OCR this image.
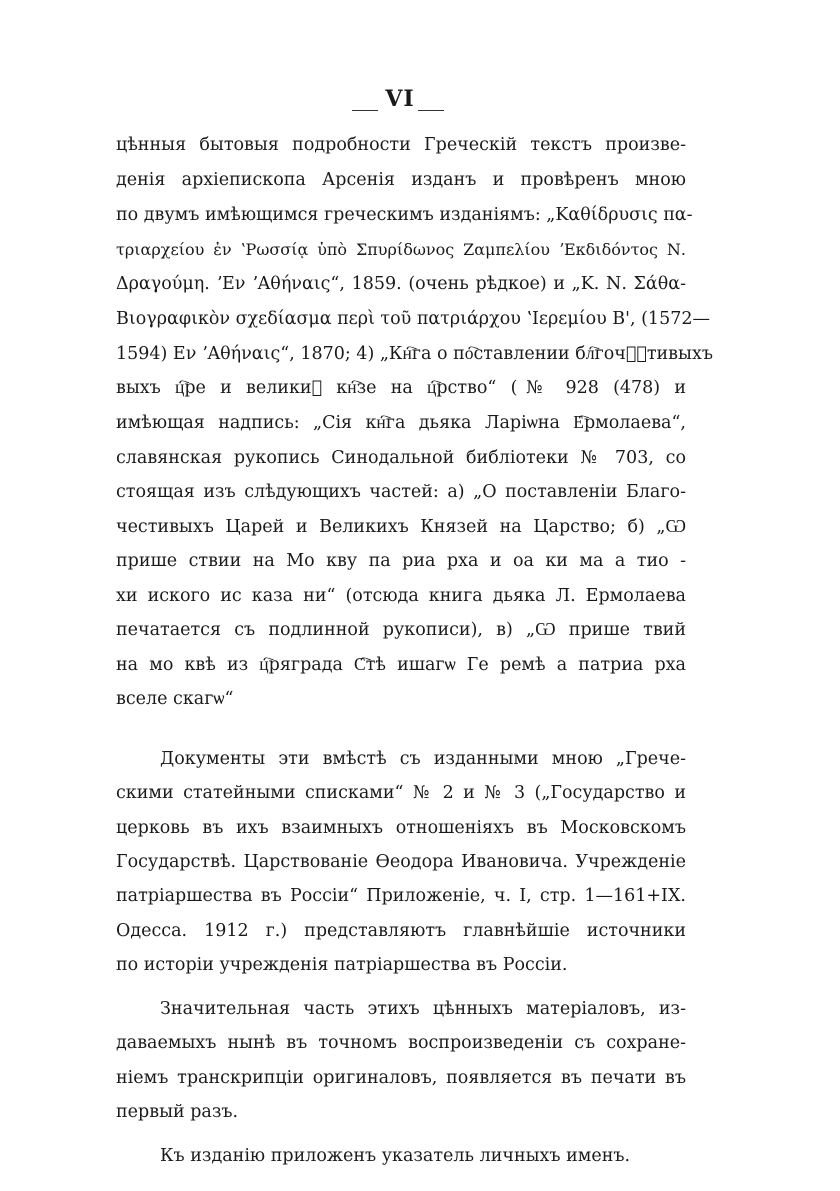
VI
цѣнныя бытовыя подробности Греческій текстъ произве-
денія архіепископа Арсенія изданъ и провѣренъ мною
по двумъ имѣющимся греческимъ изданіямъ: „Καθίδρυσις πα-
τριαρχείου ἐν ʽΡωσσίᾳ ὑπὸ Σπυρίδωνος Ζαμπελίου ʼΕκδιδόντος Ν.
Δραγούμη. ʼΕν ʼΑθήναις“, 1859. (очень рѣдкое) и „Κ. Ν. Σάθα-
Βιογραφικὸν σχεδίασμα περὶ τοῦ πατριάρχου ʽΙερεμίου Β', (1572—
1594) Εν ʼΑθήναις“, 1870; 4) „Кн҇га о по҇ставлении бл҇гочⷭ҇тивыхъ
выхъ ц҇ре и великиⷯ кн҇зе на ц҇рство“ (№ 928 (478) и
имѣющая надпись: „Сія кн҇га дьяка Ларіѡна Е҇рмолаева“,
славянская рукопись Синодальной библіотеки № 703, со
стоящая изъ слѣдующихъ частей: а) „О поставленіи Благо-
честивыхъ Царей и Великихъ Князей на Царство; б) „Ѡ
прише ствии на Мо кву па риа рха и оа ки ма а тио -
хи иского ис каза ни“ (отсюда книга дьяка Л. Ермолаева
печатается съ подлинной рукописи), в) „Ѡ прише твий
на мо квѣ из ц҇ряграда С҇тѣ ишагѡ Ге ремѣ а патриа рха
вселе скагѡ“
Документы эти вмѣстѣ съ изданными мною „Грече-
скими статейными списками“ № 2 и № 3 („Государство и
церковь въ ихъ взаимныхъ отношеніяхъ въ Московскомъ
Государствѣ. Царствованіе Ѳеодора Ивановича. Учрежденіе
патріаршества въ Россіи“ Приложеніе, ч. I, стр. 1—161+IX.
Одесса. 1912 г.) представляютъ главнѣйшіе источники
по исторіи учрежденія патріаршества въ Россіи.
Значительная часть этихъ цѣнныхъ матеріаловъ, из-
даваемыхъ нынѣ въ точномъ воспроизведеніи съ сохране-
ніемъ транскрипціи оригиналовъ, появляется въ печати въ
первый разъ.
Къ изданію приложенъ указатель личныхъ именъ.
